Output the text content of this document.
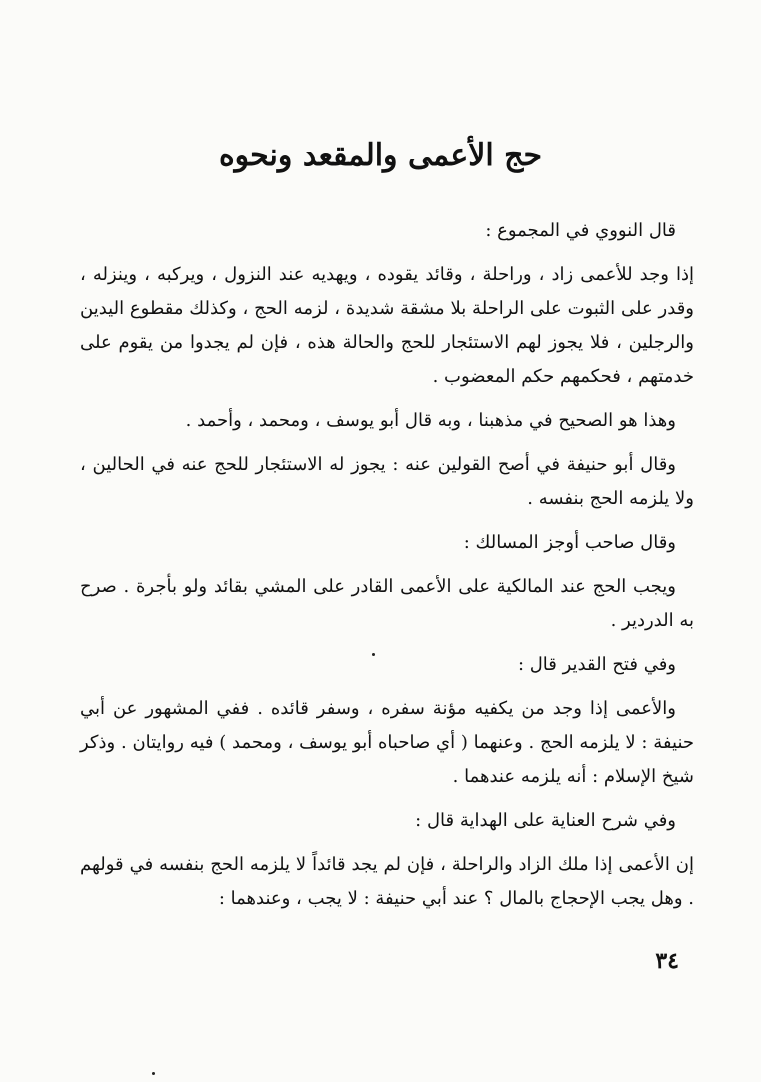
حج الأعمى والمقعد ونحوه

قال النووي في المجموع :

إذا وجد للأعمى زاد ، وراحلة ، وقائد يقوده ، ويهديه عند النزول ، ويركبه ، وينزله ، وقدر على الثبوت على الراحلة بلا مشقة شديدة ، لزمه الحج ، وكذلك مقطوع اليدين والرجلين ، فلا يجوز لهم الاستئجار للحج والحالة هذه ، فإن لم يجدوا من يقوم على خدمتهم ، فحكمهم حكم المعضوب .

وهذا هو الصحيح في مذهبنا ، وبه قال أبو يوسف ، ومحمد ، وأحمد .

وقال أبو حنيفة في أصح القولين عنه : يجوز له الاستئجار للحج عنه في الحالين ، ولا يلزمه الحج بنفسه .

وقال صاحب أوجز المسالك :

ويجب الحج عند المالكية على الأعمى القادر على المشي بقائد ولو بأجرة . صرح به الدردير .

وفي فتح القدير قال :

والأعمى إذا وجد من يكفيه مؤنة سفره ، وسفر قائده . ففي المشهور عن أبي حنيفة : لا يلزمه الحج . وعنهما ( أي صاحباه أبو يوسف ، ومحمد ) فيه روايتان . وذكر شيخ الإسلام : أنه يلزمه عندهما .

وفي شرح العناية على الهداية قال :

إن الأعمى إذا ملك الزاد والراحلة ، فإن لم يجد قائداً لا يلزمه الحج بنفسه في قولهم . وهل يجب الإحجاج بالمال ؟ عند أبي حنيفة : لا يجب ، وعندهما :

٣٤
